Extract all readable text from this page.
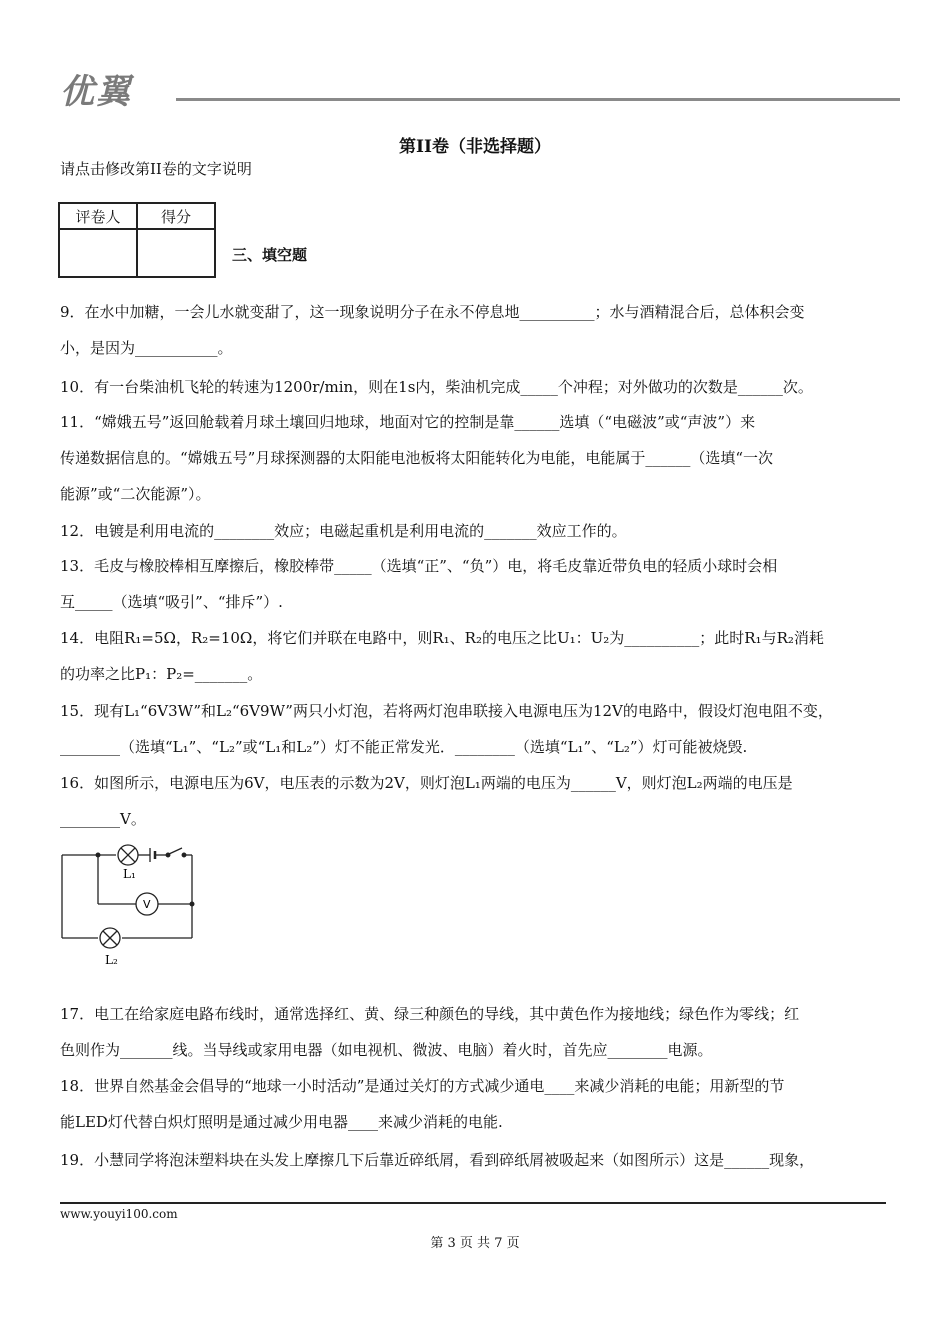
优翼
第II卷（非选择题）
请点击修改第II卷的文字说明
评卷人	得分

三、填空题
9．在水中加糖，一会儿水就变甜了，这一现象说明分子在永不停息地__________；水与酒精混合后，总体积会变
小，是因为___________。
10．有一台柴油机飞轮的转速为1200r/min，则在1s内，柴油机完成_____个冲程；对外做功的次数是______次。
11．“嫦娥五号”返回舱载着月球土壤回归地球，地面对它的控制是靠______选填（“电磁波”或“声波”）来
传递数据信息的。“嫦娥五号”月球探测器的太阳能电池板将太阳能转化为电能，电能属于______（选填“一次
能源”或“二次能源”）。
12．电镀是利用电流的________效应；电磁起重机是利用电流的_______效应工作的。
13．毛皮与橡胶棒相互摩擦后，橡胶棒带_____（选填“正”、“负”）电，将毛皮靠近带负电的轻质小球时会相
互_____（选填“吸引”、“排斥”）.
14．电阻R₁=5Ω，R₂=10Ω，将它们并联在电路中，则R₁、R₂的电压之比U₁：U₂为__________；此时R₁与R₂消耗
的功率之比P₁：P₂=_______。
15．现有L₁“6V3W”和L₂“6V9W”两只小灯泡，若将两灯泡串联接入电源电压为12V的电路中，假设灯泡电阻不变，
________（选填“L₁”、“L₂”或“L₁和L₂”）灯不能正常发光．________（选填“L₁”、“L₂”）灯可能被烧毁.
16．如图所示，电源电压为6V，电压表的示数为2V，则灯泡L₁两端的电压为______V，则灯泡L₂两端的电压是
________V。
L₁
V
L₂
17．电工在给家庭电路布线时，通常选择红、黄、绿三种颜色的导线，其中黄色作为接地线；绿色作为零线；红
色则作为_______线。当导线或家用电器（如电视机、微波、电脑）着火时，首先应________电源。
18．世界自然基金会倡导的“地球一小时活动”是通过关灯的方式减少通电____来减少消耗的电能；用新型的节
能LED灯代替白炽灯照明是通过减少用电器____来减少消耗的电能.
19．小慧同学将泡沫塑料块在头发上摩擦几下后靠近碎纸屑，看到碎纸屑被吸起来（如图所示）这是______现象，
www.youyi100.com
第 3 页 共 7 页
